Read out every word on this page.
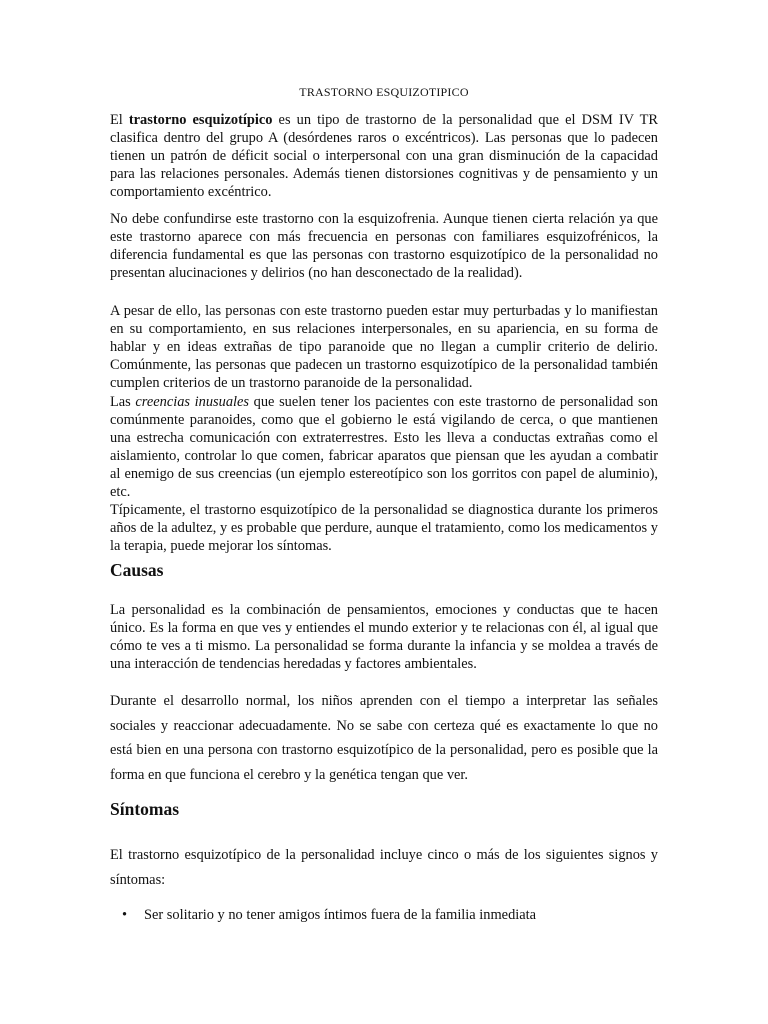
TRASTORNO ESQUIZOTIPICO

El trastorno esquizotípico es un tipo de trastorno de la personalidad que el DSM IV TR clasifica dentro del grupo A (desórdenes raros o excéntricos). Las personas que lo padecen tienen un patrón de déficit social o interpersonal con una gran disminución de la capacidad para las relaciones personales. Además tienen distorsiones cognitivas y de pensamiento y un comportamiento excéntrico.

No debe confundirse este trastorno con la esquizofrenia. Aunque tienen cierta relación ya que este trastorno aparece con más frecuencia en personas con familiares esquizofrénicos, la diferencia fundamental es que las personas con trastorno esquizotípico de la personalidad no presentan alucinaciones y delirios (no han desconectado de la realidad).

A pesar de ello, las personas con este trastorno pueden estar muy perturbadas y lo manifiestan en su comportamiento, en sus relaciones interpersonales, en su apariencia, en su forma de hablar y en ideas extrañas de tipo paranoide que no llegan a cumplir criterio de delirio. Comúnmente, las personas que padecen un trastorno esquizotípico de la personalidad también cumplen criterios de un trastorno paranoide de la personalidad.

Las creencias inusuales que suelen tener los pacientes con este trastorno de personalidad son comúnmente paranoides, como que el gobierno le está vigilando de cerca, o que mantienen una estrecha comunicación con extraterrestres. Esto les lleva a conductas extrañas como el aislamiento, controlar lo que comen, fabricar aparatos que piensan que les ayudan a combatir al enemigo de sus creencias (un ejemplo estereotípico son los gorritos con papel de aluminio), etc.

Típicamente, el trastorno esquizotípico de la personalidad se diagnostica durante los primeros años de la adultez, y es probable que perdure, aunque el tratamiento, como los medicamentos y la terapia, puede mejorar los síntomas.

Causas

La personalidad es la combinación de pensamientos, emociones y conductas que te hacen único. Es la forma en que ves y entiendes el mundo exterior y te relacionas con él, al igual que cómo te ves a ti mismo. La personalidad se forma durante la infancia y se moldea a través de una interacción de tendencias heredadas y factores ambientales.

Durante el desarrollo normal, los niños aprenden con el tiempo a interpretar las señales sociales y reaccionar adecuadamente. No se sabe con certeza qué es exactamente lo que no está bien en una persona con trastorno esquizotípico de la personalidad, pero es posible que la forma en que funciona el cerebro y la genética tengan que ver.

Síntomas

El trastorno esquizotípico de la personalidad incluye cinco o más de los siguientes signos y síntomas:

• Ser solitario y no tener amigos íntimos fuera de la familia inmediata
